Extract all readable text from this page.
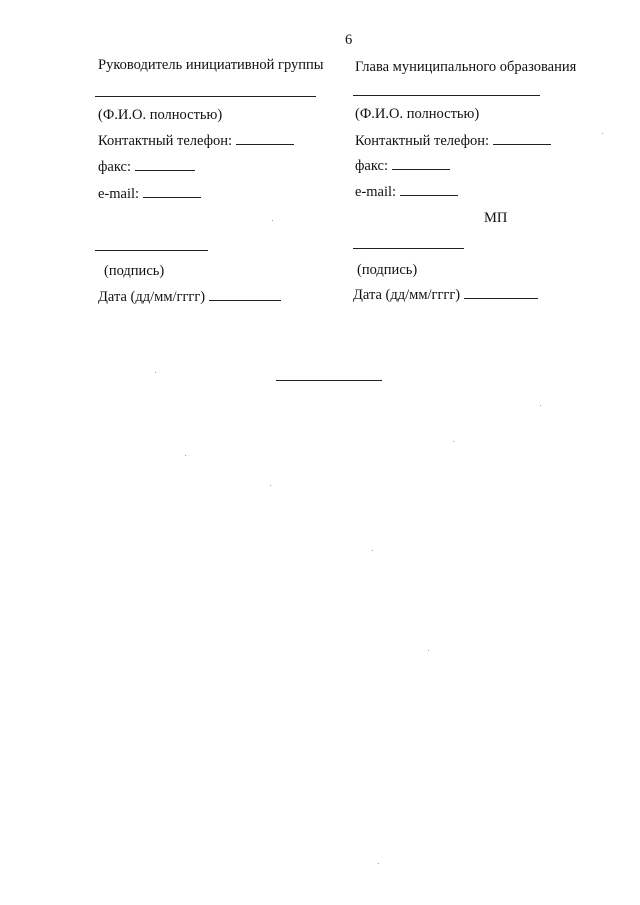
6
Руководитель инициативной группы
(Ф.И.О. полностью)
Контактный телефон:
факс:
e-mail:
(подпись)
Дата (дд/мм/гггг)
Глава муниципального образования
(Ф.И.О. полностью)
Контактный телефон:
факс:
e-mail:
МП
(подпись)
Дата (дд/мм/гггг)
